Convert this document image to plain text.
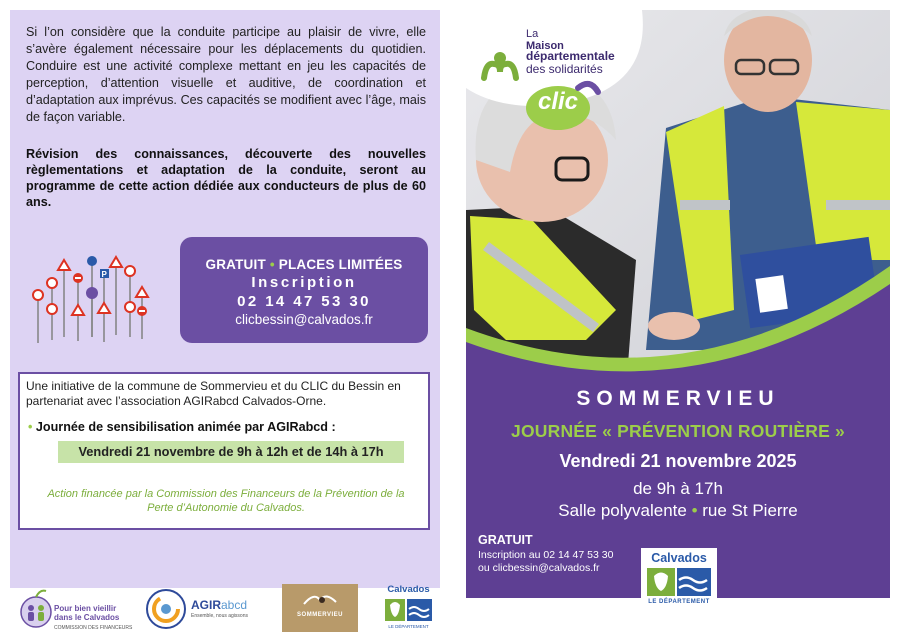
Si l’on considère que la conduite participe au plaisir de vivre, elle s’avère également nécessaire pour les déplacements du quotidien. Conduire est une activité complexe mettant en jeu les capacités de perception, d’attention visuelle et auditive, de coordination et d’adaptation aux imprévus. Ces capacités se modifient avec l’âge, mais de façon variable.

Révision des connaissances, découverte des nouvelles règlementations et adaptation de la conduite, seront au programme de cette action dédiée aux conducteurs de plus de 60 ans.

P
GRATUIT • PLACES LIMITÉES
Inscription
02 14 47 53 30
clicbessin@calvados.fr

Une initiative de la commune de Sommervieu et du CLIC du Bessin en partenariat avec l’association AGIRabcd Calvados-Orne.

• Journée de sensibilisation animée par AGIRabcd :

Vendredi 21 novembre de 9h à 12h et de 14h à 17h

Action financée par la Commission des Financeurs de la Prévention de la Perte d’Autonomie du Calvados.

Pour bien vieillir dans le Calvados
COMMISSION DES FINANCEURS
AGIRabcd
Ensemble, nous agissons	SOMMERVIEU
Calvados
LE DÉPARTEMENT
La
Maison
départementale
des solidarités
clic
SOMMERVIEU
JOURNÉE « PRÉVENTION ROUTIÈRE »
Vendredi 21 novembre 2025
de 9h à 17h
Salle polyvalente • rue St Pierre
GRATUIT
Inscription au 02 14 47 53 30
ou clicbessin@calvados.fr
Calvados
LE DÉPARTEMENT
